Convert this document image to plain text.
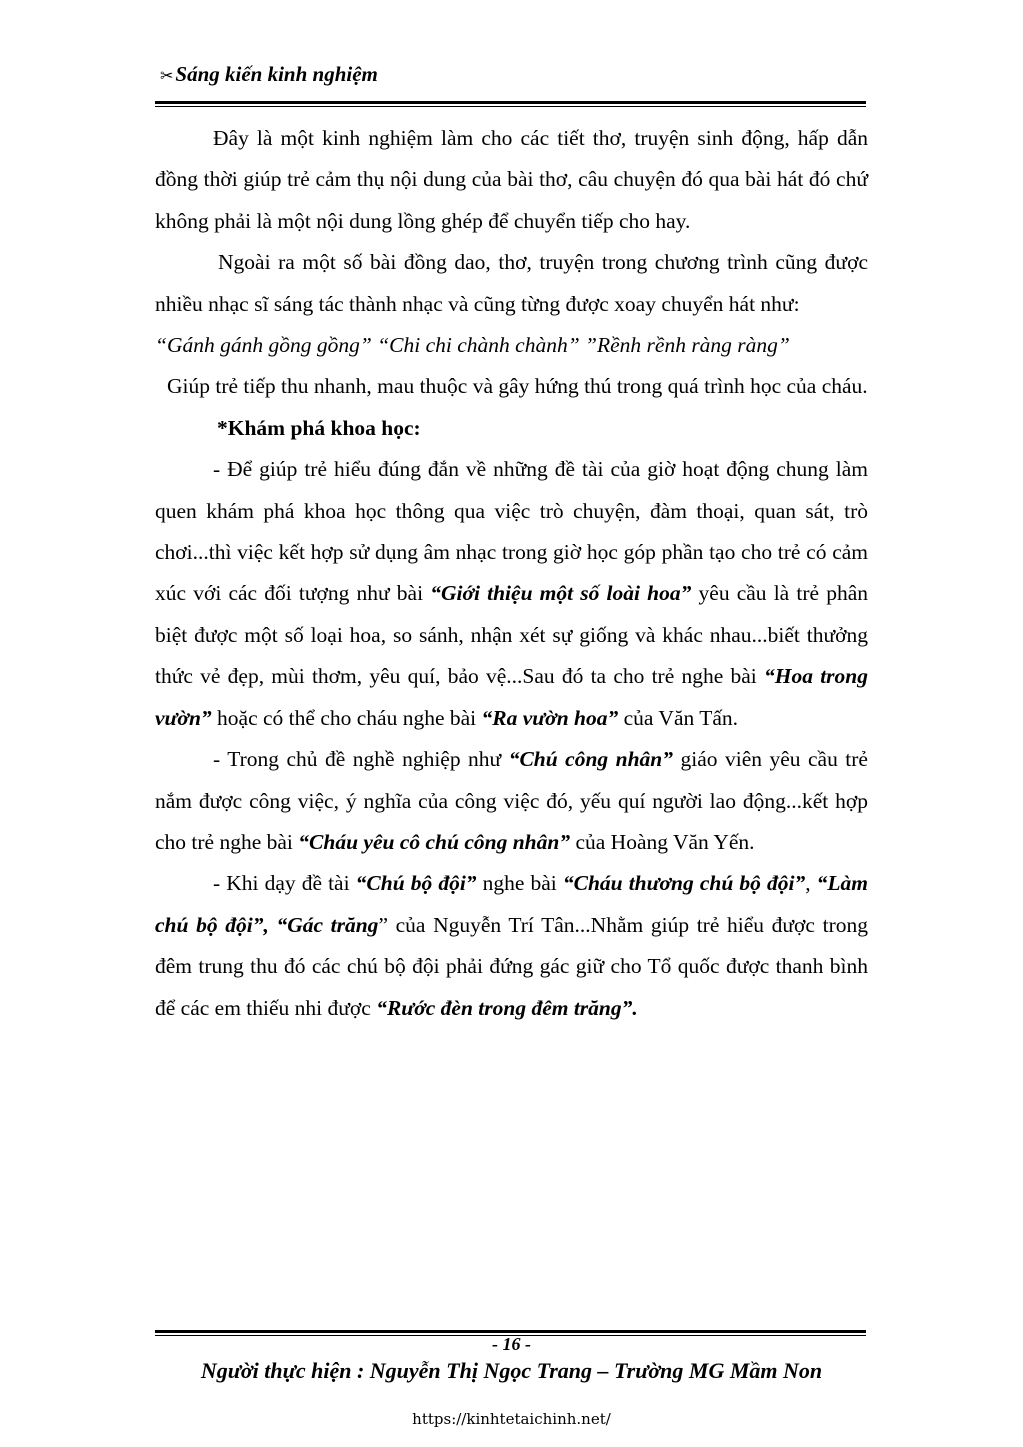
✂Sáng kiến kinh nghiệm

Đây là một kinh nghiệm làm cho các tiết thơ, truyện sinh động, hấp dẫn đồng thời giúp trẻ cảm thụ nội dung của bài thơ, câu chuyện đó qua bài hát đó chứ không phải là một nội dung lồng ghép để chuyển tiếp cho hay.

Ngoài ra một số bài đồng dao, thơ, truyện trong chương trình cũng được nhiều nhạc sĩ sáng tác thành nhạc và cũng từng được xoay chuyển hát như:

“Gánh gánh gồng gồng” “Chi chi chành chành” ”Rềnh rềnh ràng ràng”

Giúp trẻ tiếp thu nhanh, mau thuộc và gây hứng thú trong quá trình học của cháu.

*Khám phá khoa học:

- Để giúp trẻ hiểu đúng đắn về những đề tài của giờ hoạt động chung làm quen khám phá khoa học thông qua việc trò chuyện, đàm thoại, quan sát, trò chơi...thì việc kết hợp sử dụng âm nhạc trong giờ học góp phần tạo cho trẻ có cảm xúc với các đối tượng như bài “Giới thiệu một số loài hoa” yêu cầu là trẻ phân biệt được một số loại hoa, so sánh, nhận xét sự giống và khác nhau...biết thưởng thức vẻ đẹp, mùi thơm, yêu quí, bảo vệ...Sau đó ta cho trẻ nghe bài “Hoa trong vườn” hoặc có thể cho cháu nghe bài “Ra vườn hoa” của Văn Tấn.

- Trong chủ đề nghề nghiệp như “Chú công nhân” giáo viên yêu cầu trẻ nắm được công việc, ý nghĩa của công việc đó, yếu quí người lao động...kết hợp cho trẻ nghe bài “Cháu yêu cô chú công nhân” của Hoàng Văn Yến.

- Khi dạy đề tài “Chú bộ đội” nghe bài “Cháu thương chú bộ đội”, “Làm chú bộ đội”, “Gác trăng” của Nguyễn Trí Tân...Nhằm giúp trẻ hiểu được trong đêm trung thu đó các chú bộ đội phải đứng gác giữ cho Tổ quốc được thanh bình để các em thiếu nhi được “Rước đèn trong đêm trăng”.

- 16 -
Người thực hiện : Nguyễn Thị Ngọc Trang – Trường MG Mầm Non
https://kinhtetaichinh.net/
